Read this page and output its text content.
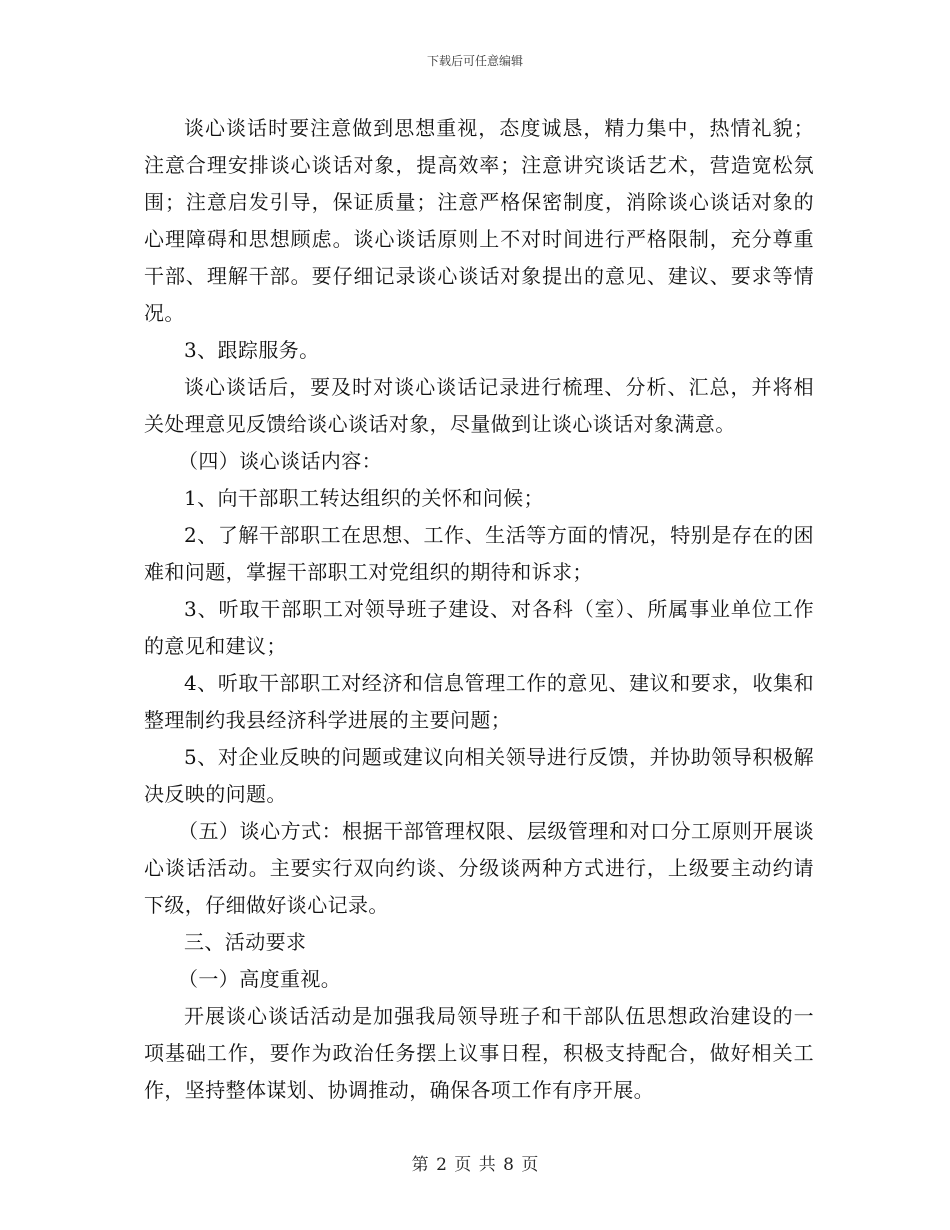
下载后可任意编辑

谈心谈话时要注意做到思想重视，态度诚恳，精力集中，热情礼貌；注意合理安排谈心谈话对象，提高效率；注意讲究谈话艺术，营造宽松氛围；注意启发引导，保证质量；注意严格保密制度，消除谈心谈话对象的心理障碍和思想顾虑。谈心谈话原则上不对时间进行严格限制，充分尊重干部、理解干部。要仔细记录谈心谈话对象提出的意见、建议、要求等情况。

3、跟踪服务。

谈心谈话后，要及时对谈心谈话记录进行梳理、分析、汇总，并将相关处理意见反馈给谈心谈话对象，尽量做到让谈心谈话对象满意。

（四）谈心谈话内容：

1、向干部职工转达组织的关怀和问候；

2、了解干部职工在思想、工作、生活等方面的情况，特别是存在的困难和问题，掌握干部职工对党组织的期待和诉求；

3、听取干部职工对领导班子建设、对各科（室）、所属事业单位工作的意见和建议；

4、听取干部职工对经济和信息管理工作的意见、建议和要求，收集和整理制约我县经济科学进展的主要问题；

5、对企业反映的问题或建议向相关领导进行反馈，并协助领导积极解决反映的问题。

（五）谈心方式：根据干部管理权限、层级管理和对口分工原则开展谈心谈话活动。主要实行双向约谈、分级谈两种方式进行，上级要主动约请下级，仔细做好谈心记录。

三、活动要求

（一）高度重视。

开展谈心谈话活动是加强我局领导班子和干部队伍思想政治建设的一项基础工作，要作为政治任务摆上议事日程，积极支持配合，做好相关工作，坚持整体谋划、协调推动，确保各项工作有序开展。

第 2 页 共 8 页
